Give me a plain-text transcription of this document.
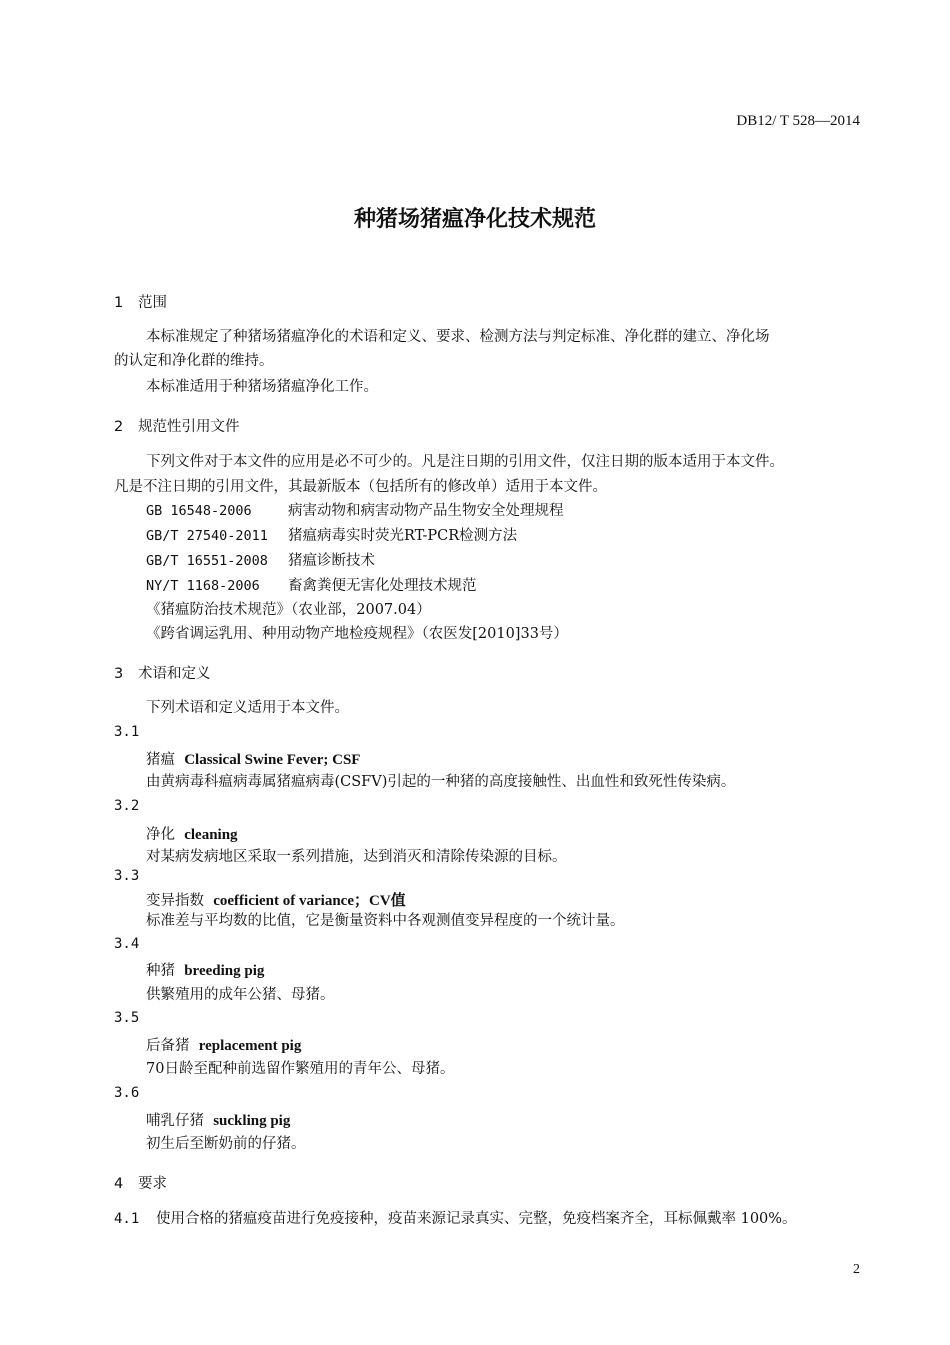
DB12/ T 528—2014
种猪场猪瘟净化技术规范
1 范围
本标准规定了种猪场猪瘟净化的术语和定义、要求、检测方法与判定标准、净化群的建立、净化场
的认定和净化群的维持。
本标准适用于种猪场猪瘟净化工作。
2 规范性引用文件
下列文件对于本文件的应用是必不可少的。凡是注日期的引用文件，仅注日期的版本适用于本文件。
凡是不注日期的引用文件，其最新版本（包括所有的修改单）适用于本文件。
GB 16548-2006	病害动物和病害动物产品生物安全处理规程
GB/T 27540-2011 猪瘟病毒实时荧光RT-PCR检测方法
GB/T 16551-2008 猪瘟诊断技术
NY/T 1168-2006 畜禽粪便无害化处理技术规范
《猪瘟防治技术规范》（农业部，2007.04）
《跨省调运乳用、种用动物产地检疫规程》（农医发[2010]33号）
3 术语和定义
下列术语和定义适用于本文件。
3.1
猪瘟 Classical Swine Fever; CSF
由黄病毒科瘟病毒属猪瘟病毒(CSFV)引起的一种猪的高度接触性、出血性和致死性传染病。
3.2
净化 cleaning
对某病发病地区采取一系列措施，达到消灭和清除传染源的目标。
3.3
变异指数 coefficient of variance；CV值
标准差与平均数的比值，它是衡量资料中各观测值变异程度的一个统计量。
3.4
种猪 breeding pig
供繁殖用的成年公猪、母猪。
3.5
后备猪 replacement pig
70日龄至配种前选留作繁殖用的青年公、母猪。
3.6
哺乳仔猪 suckling pig
初生后至断奶前的仔猪。
4 要求
4.1 使用合格的猪瘟疫苗进行免疫接种，疫苗来源记录真实、完整，免疫档案齐全，耳标佩戴率 100%。
2
